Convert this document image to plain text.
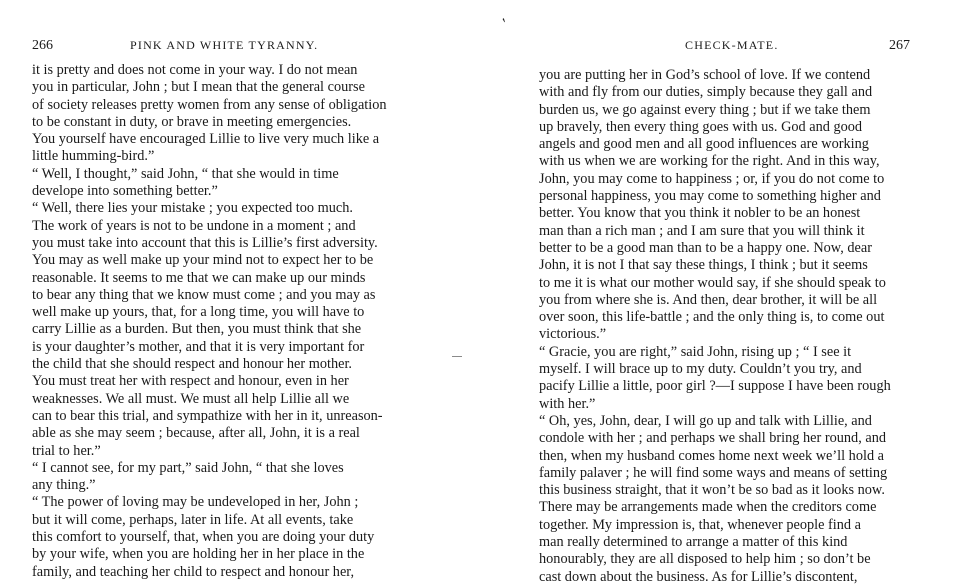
′
266	PINK AND WHITE TYRANNY.
it is pretty and does not come in your way. I do not mean
you in particular, John ; but I mean that the general course
of society releases pretty women from any sense of obligation
to be constant in duty, or brave in meeting emergencies.
You yourself have encouraged Lillie to live very much like a
little humming-bird.”
“ Well, I thought,” said John, “ that she would in time
develope into something better.”
“ Well, there lies your mistake ; you expected too much.
The work of years is not to be undone in a moment ; and
you must take into account that this is Lillie’s first adversity.
You may as well make up your mind not to expect her to be
reasonable. It seems to me that we can make up our minds
to bear any thing that we know must come ; and you may as
well make up yours, that, for a long time, you will have to
carry Lillie as a burden. But then, you must think that she
is your daughter’s mother, and that it is very important for
the child that she should respect and honour her mother.
You must treat her with respect and honour, even in her
weaknesses. We all must. We must all help Lillie all we
can to bear this trial, and sympathize with her in it, unreason-
able as she may seem ; because, after all, John, it is a real
trial to her.”
“ I cannot see, for my part,” said John, “ that she loves
any thing.”
“ The power of loving may be undeveloped in her, John ;
but it will come, perhaps, later in life. At all events, take
this comfort to yourself, that, when you are doing your duty
by your wife, when you are holding her in her place in the
family, and teaching her child to respect and honour her,
CHECK-MATE.	267
you are putting her in God’s school of love. If we contend
with and fly from our duties, simply because they gall and
burden us, we go against every thing ; but if we take them
up bravely, then every thing goes with us. God and good
angels and good men and all good influences are working
with us when we are working for the right. And in this way,
John, you may come to happiness ; or, if you do not come to
personal happiness, you may come to something higher and
better. You know that you think it nobler to be an honest
man than a rich man ; and I am sure that you will think it
better to be a good man than to be a happy one. Now, dear
John, it is not I that say these things, I think ; but it seems
to me it is what our mother would say, if she should speak to
you from where she is. And then, dear brother, it will be all
over soon, this life-battle ; and the only thing is, to come out
victorious.”
“ Gracie, you are right,” said John, rising up ; “ I see it
myself. I will brace up to my duty. Couldn’t you try, and
pacify Lillie a little, poor girl ?—I suppose I have been rough
with her.”
“ Oh, yes, John, dear, I will go up and talk with Lillie, and
condole with her ; and perhaps we shall bring her round, and
then, when my husband comes home next week we’ll hold a
family palaver ; he will find some ways and means of setting
this business straight, that it won’t be so bad as it looks now.
There may be arrangements made when the creditors come
together. My impression is, that, whenever people find a
man really determined to arrange a matter of this kind
honourably, they are all disposed to help him ; so don’t be
cast down about the business. As for Lillie’s discontent,
